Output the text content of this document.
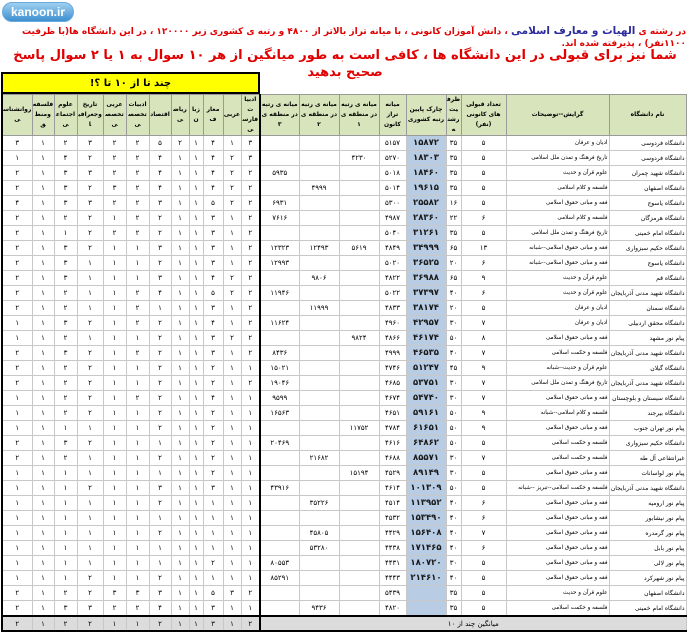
kanoon.ir
در رشته ی الهیات و معارف اسلامی ، دانش آموزان کانونی ، با میانه تراز بالاتر از ۴۸۰۰ و رتبه ی کشوری زیر ۱۲۰۰۰۰ ، در این دانشگاه ها(با ظرفیت ۱۱۰۰نفر) ، پذیرفته شده اند.
شما نیز برای قبولی در این دانشگاه ها ، کافی است به طور میانگین از هر ۱۰ سوال به ۱ یا ۲ سوال پاسخ صحیح بدهید
چند تا از ۱۰ تا ؟!
روانشناسی	فلسفه ومنطق	علوم اجتماعی	تاریخ وجغرافیا	عربی تخصصی	ادبیات تخصصی	اقتصاد	ریاضی	زبان	معارف	عربی	ادبیات فارسی	میانه ی رتبه در منطقه ی ۳	میانه ی رتبه در منطقه ی ۲	میانه ی رتبه در منطقه ی ۱	میانه تراز کانون	چارک پایین رتبه کشوری	ظرفیت رشته	تعداد قبولی های کانونی (نفر)	گرایش--توضیحات	نام دانشگاه
۳	۱	۲	۳	۲	۲	۵	۲	۱	۴	۱	۳				۵۱۵۷	۱۵۸۷۲	۳۵	۵	ادیان و عرفان	دانشگاه فردوسی
۱	۱	۴	۲	۲	۲	۴	۱	۱	۴	۲	۳			۴۲۳۰	۵۲۷۰	۱۸۳۰۳	۳۵	۵	تاریخ فرهنگ و تمدن ملل اسلامی	دانشگاه فردوسی
۲	۱	۳	۳	۲	۲	۴	۱	۱	۴	۲	۲	۵۹۳۵			۵۰۱۸	۱۸۴۶۰	۳۵	۵	علوم قرآن و حدیث	دانشگاه شهید چمران
۲	۱	۳	۲	۳	۲	۴	۱	۱	۴	۲	۲		۴۹۹۹		۵۰۱۴	۱۹۶۱۵	۳۵	۵	فلسفه و کلام اسلامی	دانشگاه اصفهان
۴	۱	۳	۳	۲	۲	۳	۱	۱	۵	۲	۲	۶۹۳۱			۵۳۰۰	۲۵۵۸۲	۱۶	۵	فقه و مبانی حقوق اسلامی	دانشگاه یاسوج
۲	۱	۲	۲	۱	۲	۲	۱	۱	۳	۱	۲	۷۶۱۶			۴۹۸۷	۲۸۳۶۰	۲۲	۶	فلسفه و کلام اسلامی	دانشگاه هرمزگان
۲	۱	۱	۲	۲	۲	۲	۱	۱	۳	۱	۲				۵۰۴۰	۳۱۲۶۱	۳۵	۵	تاریخ فرهنگ و تمدن ملل اسلامی	دانشگاه امام خمینی
۲	۱	۳	۲	۱	۱	۳	۱	۱	۳	۱	۲	۱۲۳۲۳	۱۲۴۹۳	۵۶۱۹	۴۸۴۹	۳۴۹۹۹	۶۵	۱۳	فقه و مبانی حقوق اسلامی--شبانه	دانشگاه حکیم سبزواری
۲	۱	۳	۱	۱	۱	۲	۱	۱	۳	۱	۲	۱۲۹۹۳			۵۰۲۰	۳۶۵۲۵	۲۰	۶	فقه و مبانی حقوق اسلامی--شبانه	دانشگاه یاسوج
۲	۱	۳	۱	۱	۱	۳	۱	۱	۴	۲	۲		۹۸۰۶		۴۸۲۲	۳۶۹۸۸	۶۵	۹	علوم قرآن و حدیث	دانشگاه قم
۲	۱	۲	۱	۱	۲	۴	۱	۱	۵	۲	۲	۱۱۹۴۶			۵۰۲۲	۳۷۳۹۷	۴۰	۶	علوم قرآن و حدیث	دانشگاه شهید مدنی آذربایجان
۲	۱	۲	۱	۱	۲	۱	۱	۱	۳	۱	۲		۱۱۹۹۹		۴۸۳۳	۳۸۱۷۴	۲۰	۵	ادیان و عرفان	دانشگاه سمنان
۱	۱	۳	۲	۱	۲	۲	۱	۱	۴	۱	۲	۱۱۶۲۴			۴۹۶۰	۴۲۹۵۷	۳۰	۷	ادیان و عرفان	دانشگاه محقق اردبیلی
۱	۱	۲	۱	۱	۱	۲	۱	۱	۳	۲	۲			۹۸۲۴	۴۸۶۶	۴۶۱۷۴	۵۰	۸	فقه و مبانی حقوق اسلامی	پیام نور مشهد
۲	۱	۳	۲	۱	۲	۲	۱	۱	۳	۱	۲	۸۴۳۶			۴۹۹۹	۴۶۵۳۵	۴۰	۷	فلسفه و حکمت اسلامی	دانشگاه شهید مدنی آذربایجان
۲	۱	۲	۲	۱	۱	۲	۱	۱	۲	۱	۱	۱۵۰۲۱			۴۷۴۶	۵۱۲۴۷	۴۵	۹	علوم قرآن و حدیث--شبانه	دانشگاه گیلان
۲	۱	۲	۲	۱	۱	۲	۱	۱	۲	۱	۲	۱۹۰۴۶			۴۶۸۵	۵۳۷۵۱	۳۰	۷	تاریخ فرهنگ و تمدن ملل اسلامی	دانشگاه شهید مدنی آذربایجان
۱	۱	۲	۲	۱	۲	۲	۱	۱	۴	۱	۱	۹۵۹۹			۴۶۷۴	۵۴۷۴۰	۳۰	۷	فقه و مبانی حقوق اسلامی	دانشگاه سیستان و بلوچستان
۱	۱	۲	۲	۱	۱	۲	۱	۱	۲	۱	۱	۱۶۵۶۳			۴۶۵۱	۵۹۱۶۱	۵۰	۹	فلسفه و کلام اسلامی--شبانه	دانشگاه بیرجند
۱	۱	۱	۱	۱	۱	۲	۱	۱	۲	۱	۱			۱۱۷۵۲	۴۷۸۴	۶۱۶۵۱	۵۰	۹	فقه و مبانی حقوق اسلامی	پیام نور تهران جنوب
۲	۱	۳	۲	۱	۱	۱	۱	۱	۲	۱	۱	۲۰۴۶۹			۴۶۱۶	۶۴۸۶۲	۵۰	۵	فلسفه و حکمت اسلامی	دانشگاه حکیم سبزواری
۲	۱	۲	۱	۱	۱	۲	۱	۱	۲	۱	۱		۲۱۶۸۲		۴۶۸۸	۸۵۵۷۱	۳۰	۷	فلسفه و حکمت اسلامی	غیرانتفاعی آل طه
۱	۱	۱	۱	۱	۱	۱	۱	۱	۲	۱	۱			۱۵۱۹۴	۴۵۲۹	۸۹۱۴۹	۳۰	۵	فقه و مبانی حقوق اسلامی	پیام نور لواسانات
۱	۱	۱	۲	۱	۱	۳	۱	۱	۳	۱	۱	۴۳۹۱۶			۴۶۱۴	۱۰۱۳۰۹	۵۰	۵	فلسفه و حکمت اسلامی--تبریز --شبانه	دانشگاه شهید مدنی آذربایجان
۱	۱	۱	۱	۱	۱	۲	۱	۱	۱	۱	۱		۳۵۲۲۶		۴۵۱۴	۱۱۳۹۵۲	۴۰	۶	فقه و مبانی حقوق اسلامی	پیام نور ارومیه
۱	۱	۱	۱	۱	۱	۱	۱	۱	۱	۱	۱				۴۵۳۲	۱۵۳۴۹۰	۴۰	۶	فقه و مبانی حقوق اسلامی	پیام نور نیشابور
۱	۱	۱	۱	۱	۱	۲	۱	۱	۱	۱	۱		۴۵۸۰۵		۴۴۲۹	۱۵۶۴۰۸	۴۰	۷	فقه و مبانی حقوق اسلامی	پیام نور گرمدره
۱	۱	۱	۱	۱	۱	۱	۱	۱	۱	۱	۱		۵۳۲۸۰		۴۴۳۸	۱۷۱۴۶۵	۴۰	۶	فقه و مبانی حقوق اسلامی	پیام نور بابل
۱	۱	۱	۱	۱	۱	۱	۱	۱	۲	۱	۱	۸۰۵۵۳			۴۴۳۱	۱۸۰۷۲۰	۳۰	۵	فقه و مبانی حقوق اسلامی	پیام نور لالی
۱	۱	۱	۲	۱	۱	۲	۱	۱	۱	۱	۱	۸۵۲۹۱			۴۴۴۳	۲۱۴۶۱۰	۴۰	۵	فقه و مبانی حقوق اسلامی	پیام نور شهرکرد
۲	۱	۲	۲	۳	۳	۳	۱	۱	۵	۳	۲				۵۴۳۹		۳۵	۵	علوم قرآن و حدیث	دانشگاه اصفهان
۲	۱	۳	۳	۲	۲	۴	۱	۱	۳	۱	۱		۹۴۳۶		۴۸۲۰		۳۵	۵	فلسفه و حکمت اسلامی	دانشگاه امام خمینی
۲	۱	۲	۲	۱	۱	۲	۱	۱	۳	۱	۲	میانگین چند از ۱۰								
